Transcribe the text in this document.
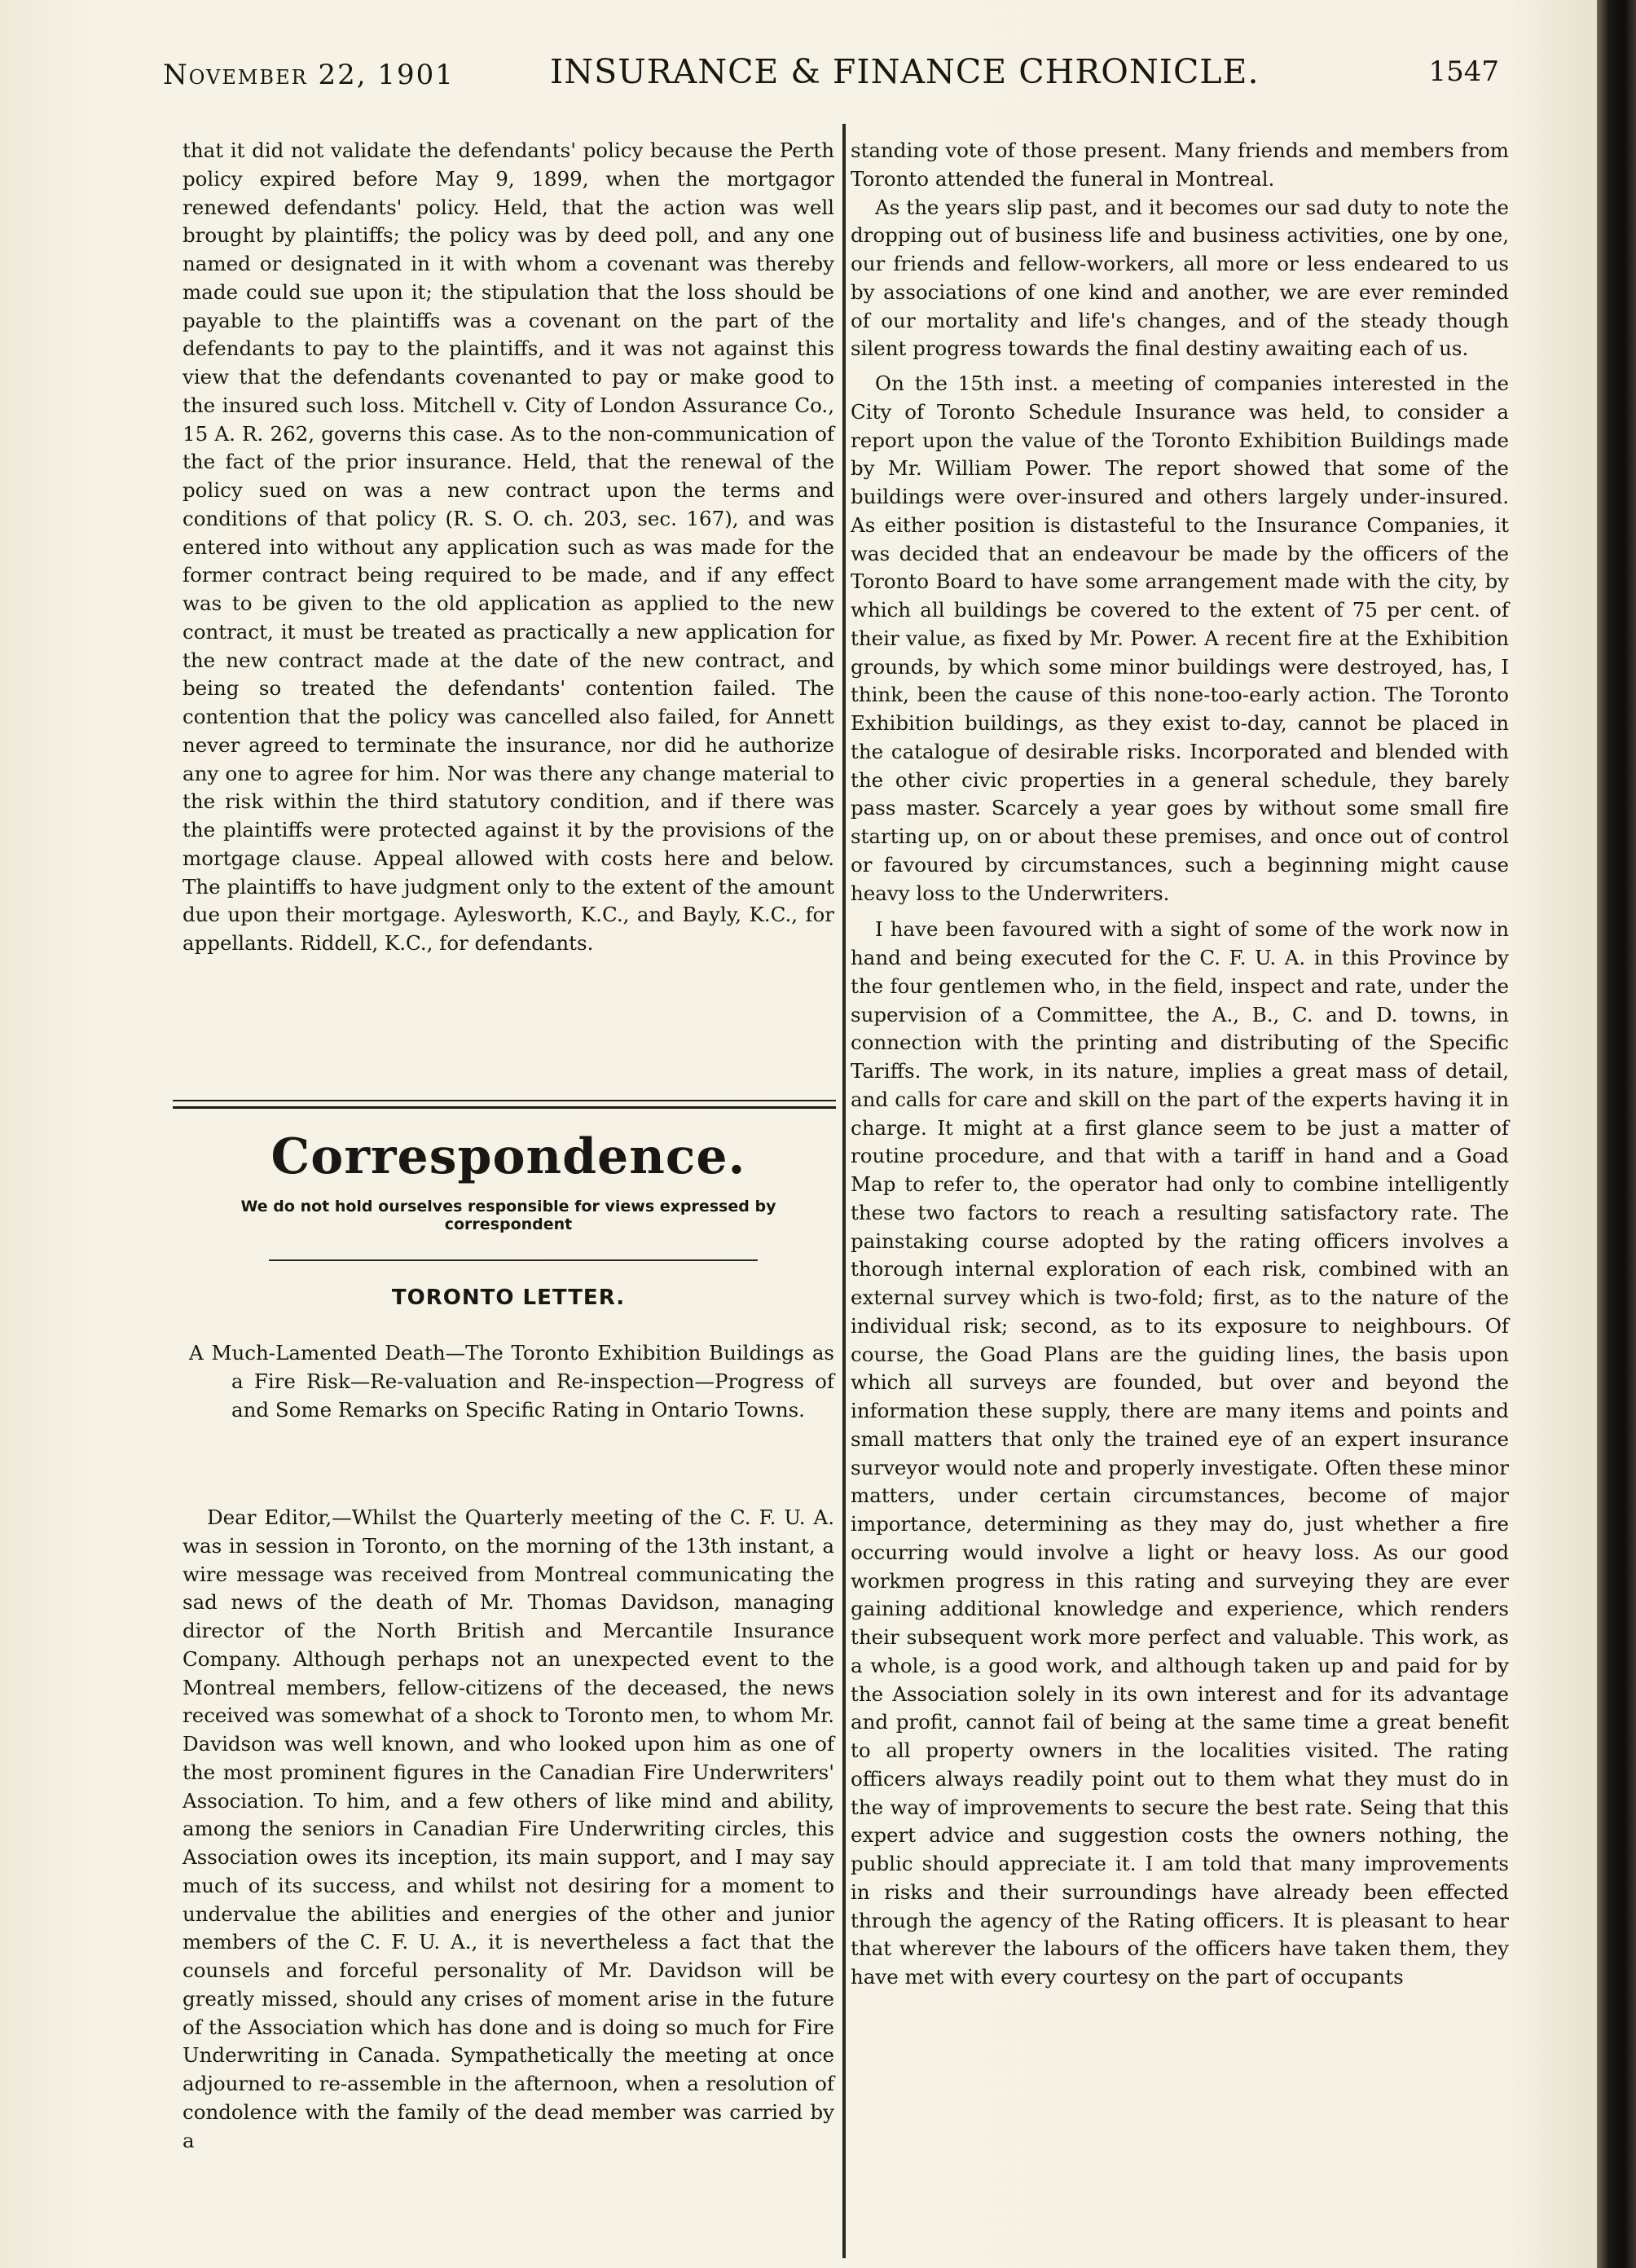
November 22, 1901	INSURANCE & FINANCE CHRONICLE.	1547

that it did not validate the defendants' policy because the Perth policy expired before May 9, 1899, when the mortgagor renewed defendants' policy. Held, that the action was well brought by plaintiffs; the policy was by deed poll, and any one named or designated in it with whom a covenant was thereby made could sue upon it; the stipulation that the loss should be payable to the plaintiffs was a covenant on the part of the defendants to pay to the plaintiffs, and it was not against this view that the defendants covenanted to pay or make good to the insured such loss. Mitchell v. City of London Assurance Co., 15 A. R. 262, governs this case. As to the non-communication of the fact of the prior insurance. Held, that the renewal of the policy sued on was a new contract upon the terms and conditions of that policy (R. S. O. ch. 203, sec. 167), and was entered into without any application such as was made for the former contract being required to be made, and if any effect was to be given to the old application as applied to the new contract, it must be treated as practically a new application for the new contract made at the date of the new contract, and being so treated the defendants' contention failed. The contention that the policy was cancelled also failed, for Annett never agreed to terminate the insurance, nor did he authorize any one to agree for him. Nor was there any change material to the risk within the third statutory condition, and if there was the plaintiffs were protected against it by the provisions of the mortgage clause. Appeal allowed with costs here and below. The plaintiffs to have judgment only to the extent of the amount due upon their mortgage. Aylesworth, K.C., and Bayly, K.C., for appellants. Riddell, K.C., for defendants.

Correspondence.
We do not hold ourselves responsible for views expressed by correspondent
TORONTO LETTER.
A Much-Lamented Death—The Toronto Exhibition Buildings as a Fire Risk—Re-valuation and Re-inspection—Progress of and Some Remarks on Specific Rating in Ontario Towns.

Dear Editor,—Whilst the Quarterly meeting of the C. F. U. A. was in session in Toronto, on the morning of the 13th instant, a wire message was received from Montreal communicating the sad news of the death of Mr. Thomas Davidson, managing director of the North British and Mercantile Insurance Company. Although perhaps not an unexpected event to the Montreal members, fellow-citizens of the deceased, the news received was somewhat of a shock to Toronto men, to whom Mr. Davidson was well known, and who looked upon him as one of the most prominent figures in the Canadian Fire Underwriters' Association. To him, and a few others of like mind and ability, among the seniors in Canadian Fire Underwriting circles, this Association owes its inception, its main support, and I may say much of its success, and whilst not desiring for a moment to undervalue the abilities and energies of the other and junior members of the C. F. U. A., it is nevertheless a fact that the counsels and forceful personality of Mr. Davidson will be greatly missed, should any crises of moment arise in the future of the Association which has done and is doing so much for Fire Underwriting in Canada. Sympathetically the meeting at once adjourned to re-assemble in the afternoon, when a resolution of condolence with the family of the dead member was carried by a

standing vote of those present. Many friends and members from Toronto attended the funeral in Montreal.

As the years slip past, and it becomes our sad duty to note the dropping out of business life and business activities, one by one, our friends and fellow-workers, all more or less endeared to us by associations of one kind and another, we are ever reminded of our mortality and life's changes, and of the steady though silent progress towards the final destiny awaiting each of us.

On the 15th inst. a meeting of companies interested in the City of Toronto Schedule Insurance was held, to consider a report upon the value of the Toronto Exhibition Buildings made by Mr. William Power. The report showed that some of the buildings were over-insured and others largely under-insured. As either position is distasteful to the Insurance Companies, it was decided that an endeavour be made by the officers of the Toronto Board to have some arrangement made with the city, by which all buildings be covered to the extent of 75 per cent. of their value, as fixed by Mr. Power. A recent fire at the Exhibition grounds, by which some minor buildings were destroyed, has, I think, been the cause of this none-too-early action. The Toronto Exhibition buildings, as they exist to-day, cannot be placed in the catalogue of desirable risks. Incorporated and blended with the other civic properties in a general schedule, they barely pass master. Scarcely a year goes by without some small fire starting up, on or about these premises, and once out of control or favoured by circumstances, such a beginning might cause heavy loss to the Underwriters.

I have been favoured with a sight of some of the work now in hand and being executed for the C. F. U. A. in this Province by the four gentlemen who, in the field, inspect and rate, under the supervision of a Committee, the A., B., C. and D. towns, in connection with the printing and distributing of the Specific Tariffs. The work, in its nature, implies a great mass of detail, and calls for care and skill on the part of the experts having it in charge. It might at a first glance seem to be just a matter of routine procedure, and that with a tariff in hand and a Goad Map to refer to, the operator had only to combine intelligently these two factors to reach a resulting satisfactory rate. The painstaking course adopted by the rating officers involves a thorough internal exploration of each risk, combined with an external survey which is two-fold; first, as to the nature of the individual risk; second, as to its exposure to neighbours. Of course, the Goad Plans are the guiding lines, the basis upon which all surveys are founded, but over and beyond the information these supply, there are many items and points and small matters that only the trained eye of an expert insurance surveyor would note and properly investigate. Often these minor matters, under certain circumstances, become of major importance, determining as they may do, just whether a fire occurring would involve a light or heavy loss. As our good workmen progress in this rating and surveying they are ever gaining additional knowledge and experience, which renders their subsequent work more perfect and valuable. This work, as a whole, is a good work, and although taken up and paid for by the Association solely in its own interest and for its advantage and profit, cannot fail of being at the same time a great benefit to all property owners in the localities visited. The rating officers always readily point out to them what they must do in the way of improvements to secure the best rate. Seing that this expert advice and suggestion costs the owners nothing, the public should appreciate it. I am told that many improvements in risks and their surroundings have already been effected through the agency of the Rating officers. It is pleasant to hear that wherever the labours of the officers have taken them, they have met with every courtesy on the part of occupants
